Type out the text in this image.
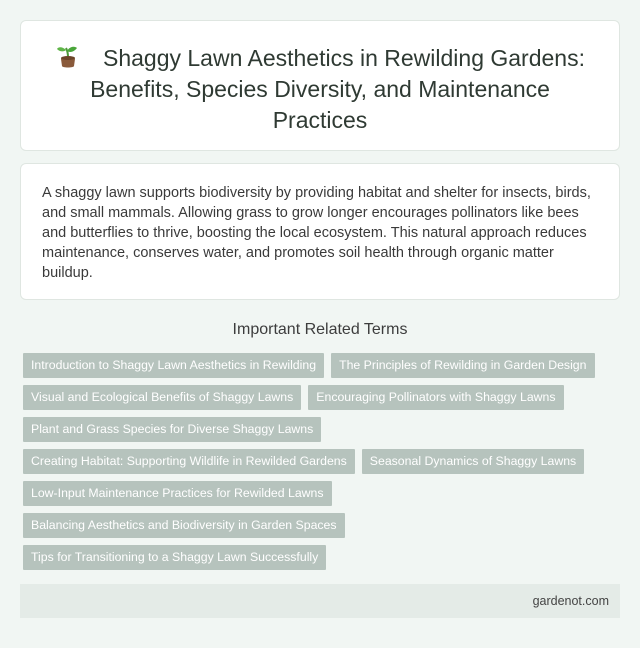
Shaggy Lawn Aesthetics in Rewilding Gardens: Benefits, Species Diversity, and Maintenance Practices

A shaggy lawn supports biodiversity by providing habitat and shelter for insects, birds, and small mammals. Allowing grass to grow longer encourages pollinators like bees and butterflies to thrive, boosting the local ecosystem. This natural approach reduces maintenance, conserves water, and promotes soil health through organic matter buildup.

Important Related Terms
Introduction to Shaggy Lawn Aesthetics in Rewilding	The Principles of Rewilding in Garden Design
Visual and Ecological Benefits of Shaggy Lawns	Encouraging Pollinators with Shaggy Lawns
Plant and Grass Species for Diverse Shaggy Lawns
Creating Habitat: Supporting Wildlife in Rewilded Gardens	Seasonal Dynamics of Shaggy Lawns
Low-Input Maintenance Practices for Rewilded Lawns
Balancing Aesthetics and Biodiversity in Garden Spaces
Tips for Transitioning to a Shaggy Lawn Successfully
gardenot.com
